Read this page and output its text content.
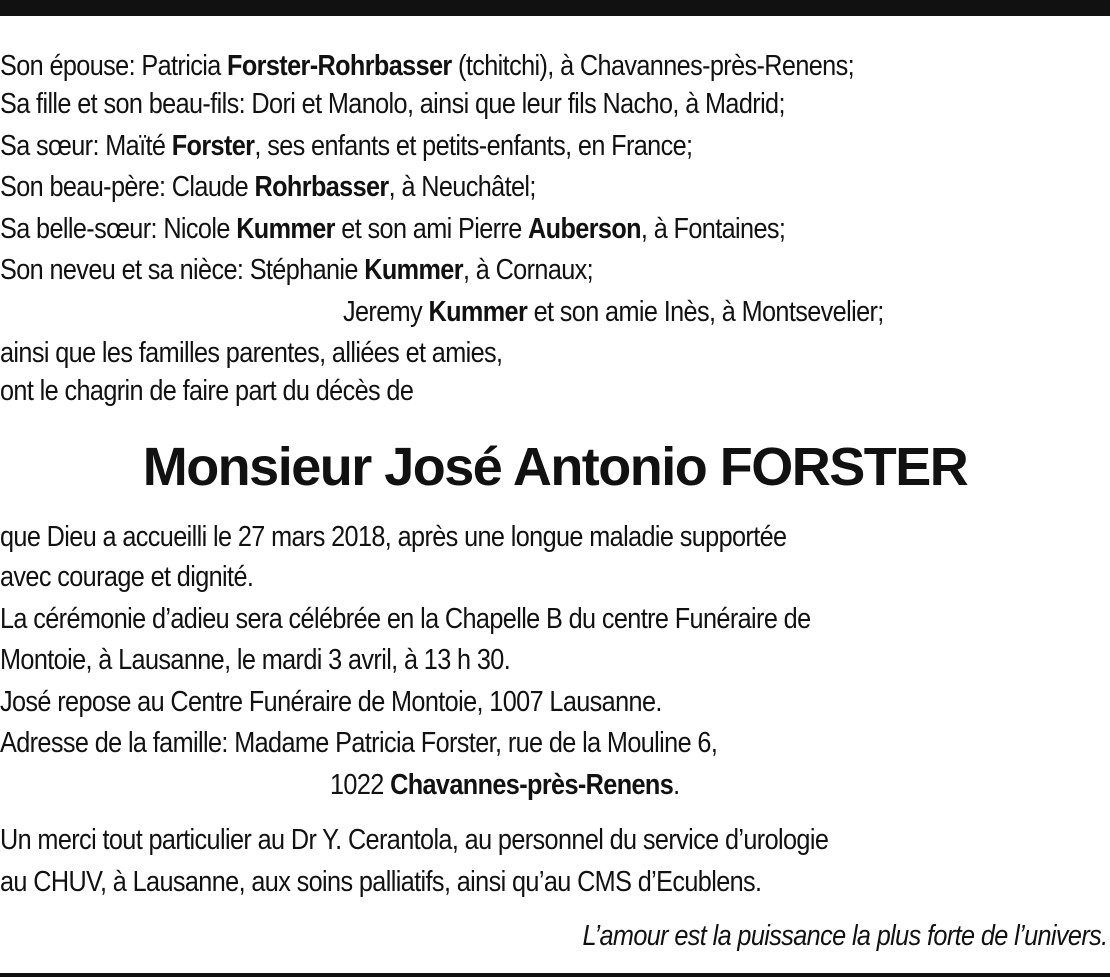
Son épouse: Patricia Forster-Rohrbasser (tchitchi), à Chavannes-près-Renens;
Sa fille et son beau-fils: Dori et Manolo, ainsi que leur fils Nacho, à Madrid;
Sa sœur: Maïté Forster, ses enfants et petits-enfants, en France;
Son beau-père: Claude Rohrbasser, à Neuchâtel;
Sa belle-sœur: Nicole Kummer et son ami Pierre Auberson, à Fontaines;
Son neveu et sa nièce: Stéphanie Kummer, à Cornaux;
Jeremy Kummer et son amie Inès, à Montsevelier;
ainsi que les familles parentes, alliées et amies,
ont le chagrin de faire part du décès de
Monsieur José Antonio FORSTER
que Dieu a accueilli le 27 mars 2018, après une longue maladie supportée
avec courage et dignité.
La cérémonie d’adieu sera célébrée en la Chapelle B du centre Funéraire de
Montoie, à Lausanne, le mardi 3 avril, à 13 h 30.
José repose au Centre Funéraire de Montoie, 1007 Lausanne.
Adresse de la famille: Madame Patricia Forster, rue de la Mouline 6,
1022 Chavannes-près-Renens.
Un merci tout particulier au Dr Y. Cerantola, au personnel du service d’urologie
au CHUV, à Lausanne, aux soins palliatifs, ainsi qu’au CMS d’Ecublens.
L’amour est la puissance la plus forte de l’univers.
